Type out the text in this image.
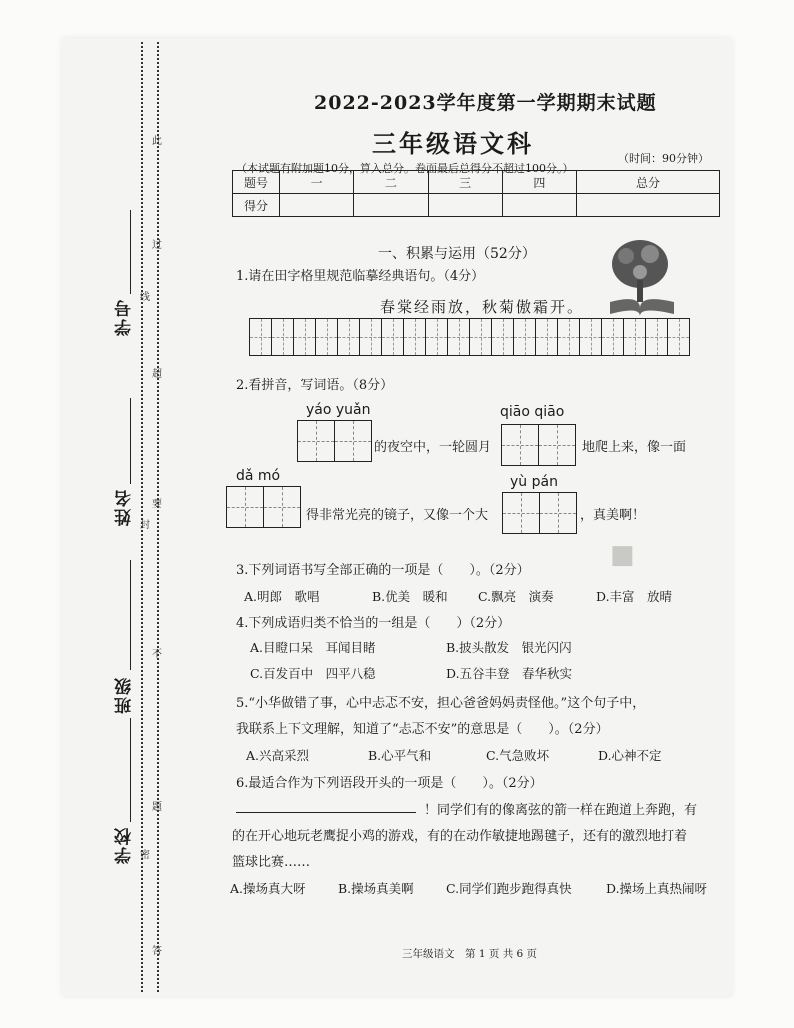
学号
姓名
班级
学校
此
过
超
要
不
题
答
线
封
密
2022-2023学年度第一学期期末试题
三年级语文科
（时间：90分钟）
（本试题有附加题10分，算入总分。卷面最后总得分不超过100分。）
题号	一	二	三	四	总分
得分					
一、积累与运用（52分）
1.请在田字格里规范临摹经典语句。（4分）
春棠经雨放，秋菊傲霜开。
2.看拼音，写词语。（8分）
yáo yuǎn
的夜空中，一轮圆月
qiāo qiāo
地爬上来，像一面
dǎ mó
得非常光亮的镜子，又像一个大
yù pán
，真美啊！
■
3.下列词语书写全部正确的一项是（　　）。（2分）
A.明郎　歌唱	B.优美　暖和 C.飘亮　演奏	D.丰富　放晴
4.下列成语归类不恰当的一组是（　　）（2分）
A.目瞪口呆　耳闻目睹	B.披头散发　银光闪闪
C.百发百中　四平八稳	D.五谷丰登　春华秋实
5.“小华做错了事，心中忐忑不安，担心爸爸妈妈责怪他。”这个句子中，
我联系上下文理解，知道了“忐忑不安”的意思是（　　）。（2分）
A.兴高采烈	B.心平气和	C.气急败坏	D.心神不定
6.最适合作为下列语段开头的一项是（　　）。（2分）
！同学们有的像离弦的箭一样在跑道上奔跑，有
的在开心地玩老鹰捉小鸡的游戏，有的在动作敏捷地踢毽子，还有的激烈地打着
篮球比赛……
A.操场真大呀	B.操场真美啊	C.同学们跑步跑得真快	D.操场上真热闹呀
三年级语文　第 1 页 共 6 页
